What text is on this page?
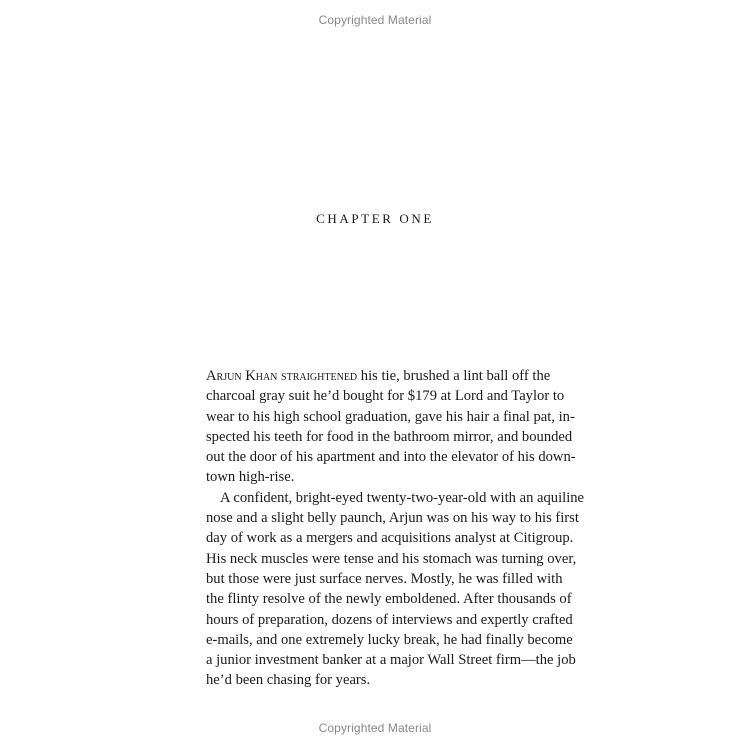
Copyrighted Material
CHAPTER ONE
Arjun Khan straightened his tie, brushed a lint ball off the
charcoal gray suit he’d bought for $179 at Lord and Taylor to
wear to his high school graduation, gave his hair a final pat, in-
spected his teeth for food in the bathroom mirror, and bounded
out the door of his apartment and into the elevator of his down-
town high-rise.
A confident, bright-eyed twenty-two-year-old with an aquiline
nose and a slight belly paunch, Arjun was on his way to his first
day of work as a mergers and acquisitions analyst at Citigroup.
His neck muscles were tense and his stomach was turning over,
but those were just surface nerves. Mostly, he was filled with
the flinty resolve of the newly emboldened. After thousands of
hours of preparation, dozens of interviews and expertly crafted
e-mails, and one extremely lucky break, he had finally become
a junior investment banker at a major Wall Street firm—the job
he’d been chasing for years.
Copyrighted Material
